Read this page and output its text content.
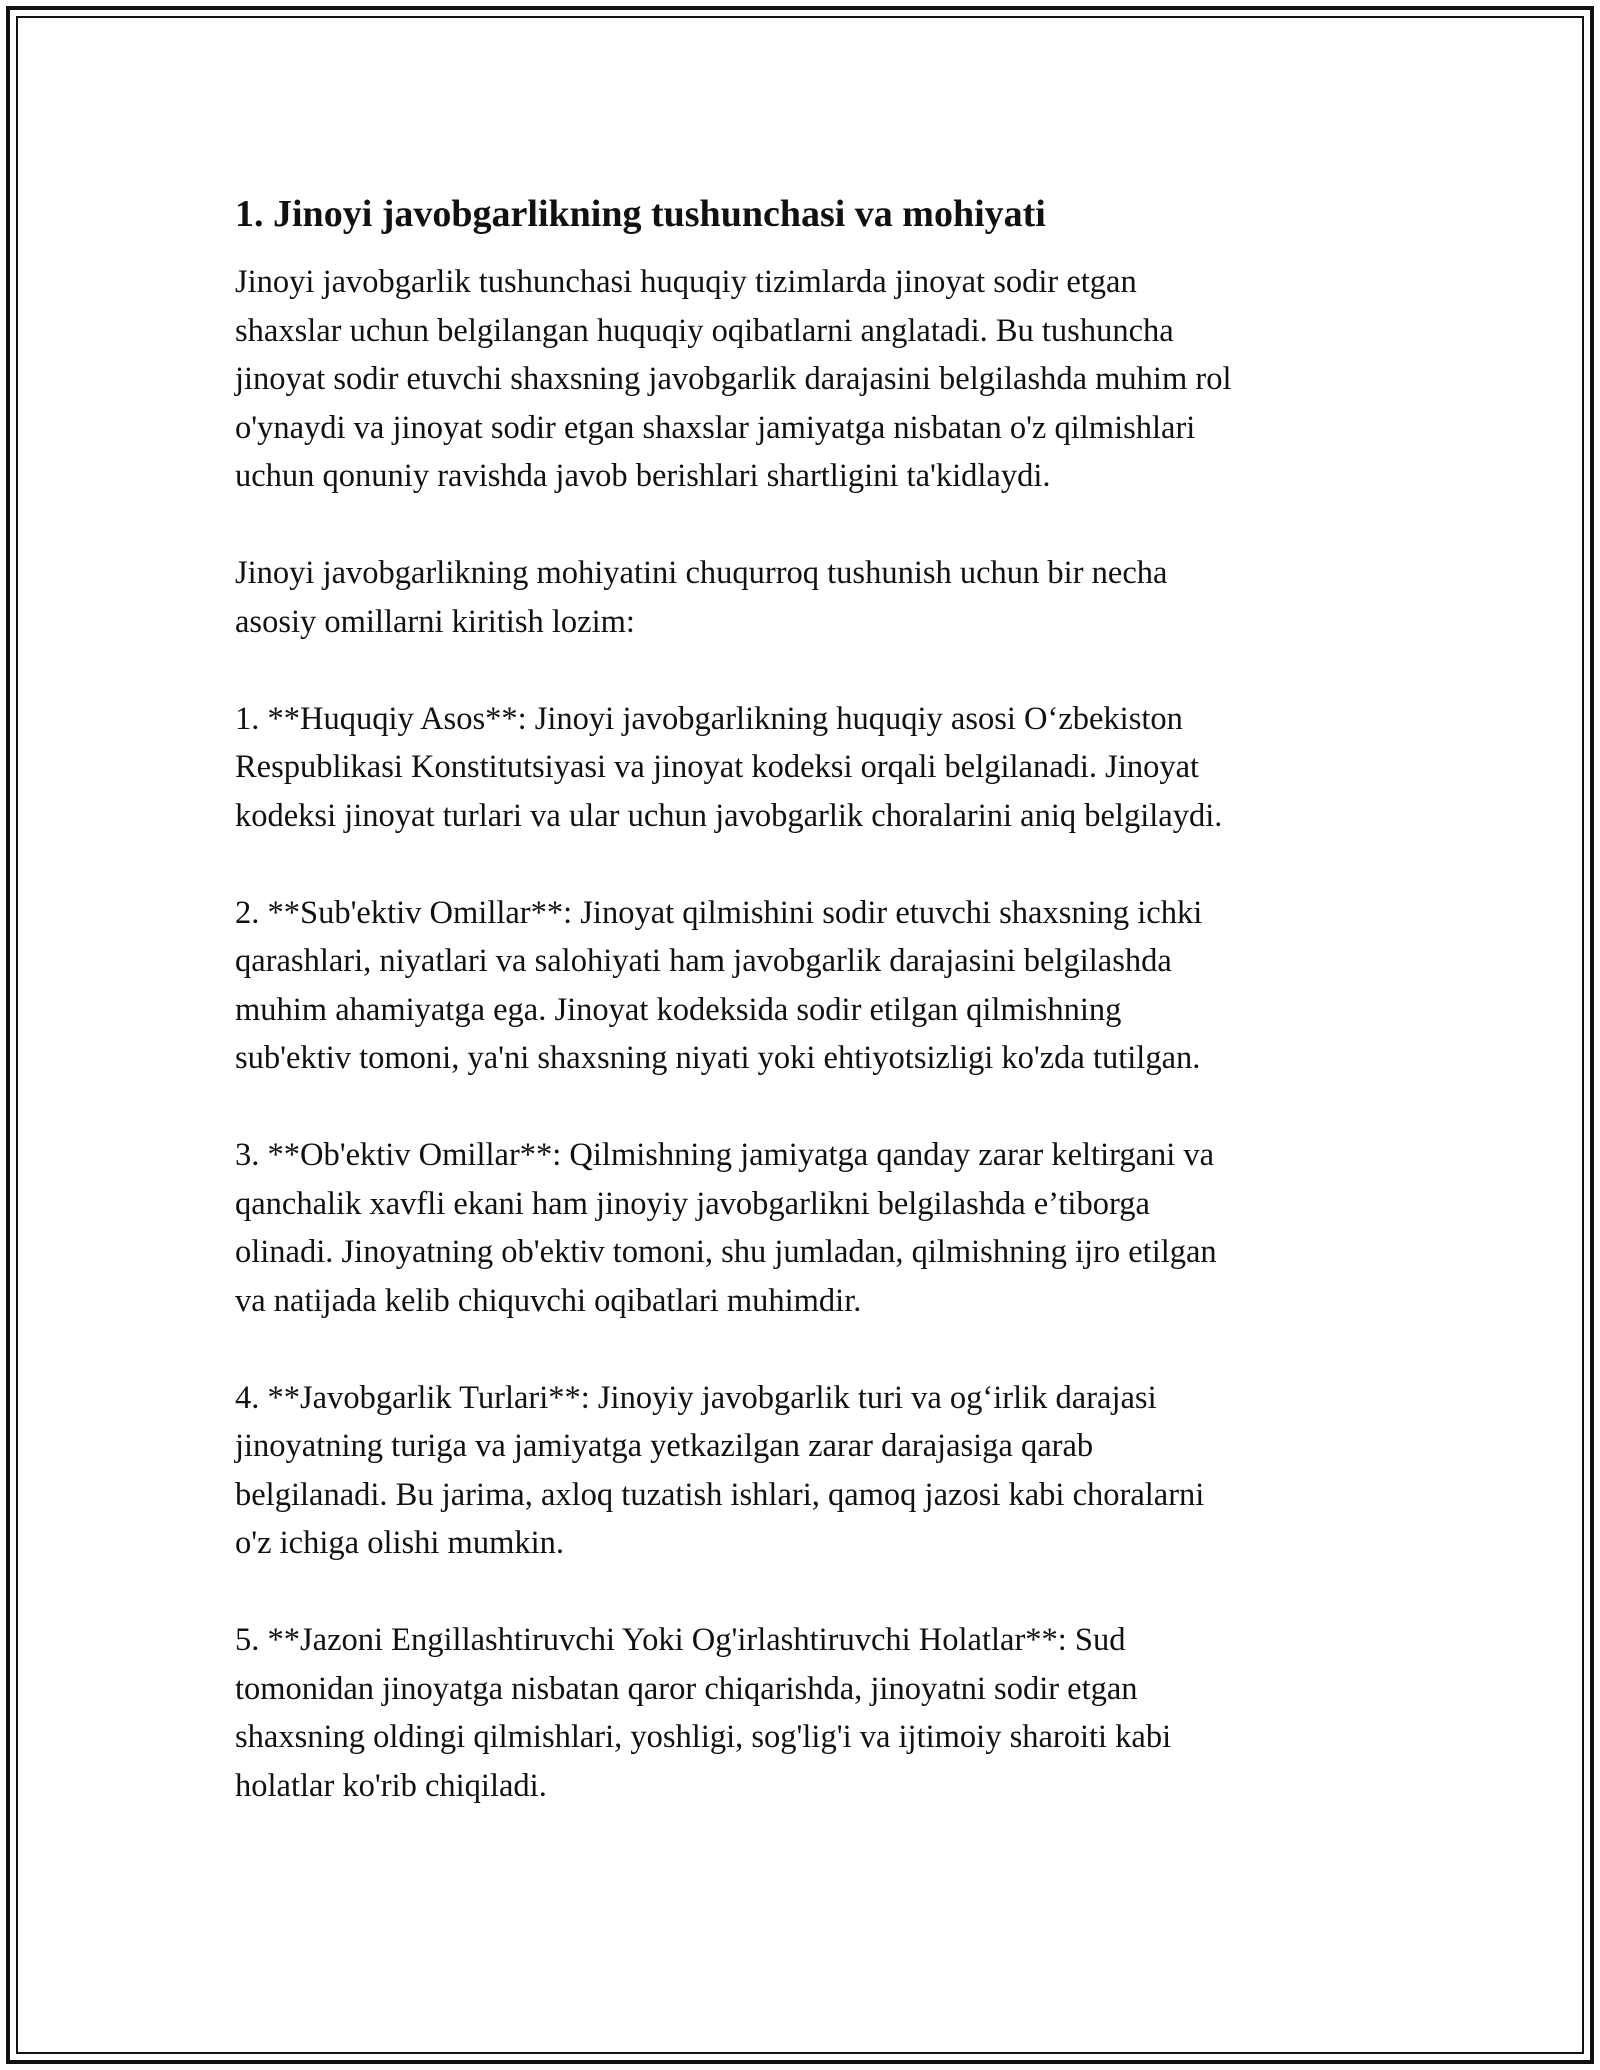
1. Jinoyi javobgarlikning tushunchasi va mohiyati
Jinoyi javobgarlik tushunchasi huquqiy tizimlarda jinoyat sodir etgan
shaxslar uchun belgilangan huquqiy oqibatlarni anglatadi. Bu tushuncha
jinoyat sodir etuvchi shaxsning javobgarlik darajasini belgilashda muhim rol
o'ynaydi va jinoyat sodir etgan shaxslar jamiyatga nisbatan o'z qilmishlari
uchun qonuniy ravishda javob berishlari shartligini ta'kidlaydi.
Jinoyi javobgarlikning mohiyatini chuqurroq tushunish uchun bir necha
asosiy omillarni kiritish lozim:
1. **Huquqiy Asos**: Jinoyi javobgarlikning huquqiy asosi O‘zbekiston
Respublikasi Konstitutsiyasi va jinoyat kodeksi orqali belgilanadi. Jinoyat
kodeksi jinoyat turlari va ular uchun javobgarlik choralarini aniq belgilaydi.
2. **Sub'ektiv Omillar**: Jinoyat qilmishini sodir etuvchi shaxsning ichki
qarashlari, niyatlari va salohiyati ham javobgarlik darajasini belgilashda
muhim ahamiyatga ega. Jinoyat kodeksida sodir etilgan qilmishning
sub'ektiv tomoni, ya'ni shaxsning niyati yoki ehtiyotsizligi ko'zda tutilgan.
3. **Ob'ektiv Omillar**: Qilmishning jamiyatga qanday zarar keltirgani va
qanchalik xavfli ekani ham jinoyiy javobgarlikni belgilashda e’tiborga
olinadi. Jinoyatning ob'ektiv tomoni, shu jumladan, qilmishning ijro etilgan
va natijada kelib chiquvchi oqibatlari muhimdir.
4. **Javobgarlik Turlari**: Jinoyiy javobgarlik turi va og‘irlik darajasi
jinoyatning turiga va jamiyatga yetkazilgan zarar darajasiga qarab
belgilanadi. Bu jarima, axloq tuzatish ishlari, qamoq jazosi kabi choralarni
o'z ichiga olishi mumkin.
5. **Jazoni Engillashtiruvchi Yoki Og'irlashtiruvchi Holatlar**: Sud
tomonidan jinoyatga nisbatan qaror chiqarishda, jinoyatni sodir etgan
shaxsning oldingi qilmishlari, yoshligi, sog'lig'i va ijtimoiy sharoiti kabi
holatlar ko'rib chiqiladi.
